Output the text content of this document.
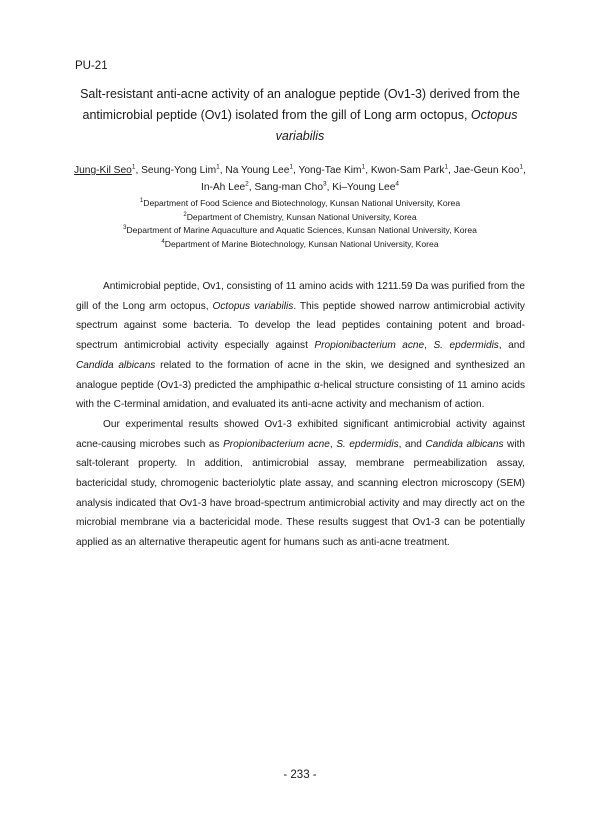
PU-21
Salt-resistant anti-acne activity of an analogue peptide (Ov1-3) derived from the
antimicrobial peptide (Ov1) isolated from the gill of Long arm octopus, Octopus variabilis
Jung-Kil Seo$^1$, Seung-Yong Lim$^1$, Na Young Lee$^1$, Yong-Tae Kim$^1$, Kwon-Sam Park$^1$, Jae-Geun Koo$^1$,
In-Ah Lee$^2$, Sang-man Cho$^3$, Ki–Young Lee$^4$
$^1$Department of Food Science and Biotechnology, Kunsan National University, Korea
$^2$Department of Chemistry, Kunsan National University, Korea
$^3$Department of Marine Aquaculture and Aquatic Sciences, Kunsan National University, Korea
$^4$Department of Marine Biotechnology, Kunsan National University, Korea

Antimicrobial peptide, Ov1, consisting of 11 amino acids with 1211.59 Da was purified from the gill of the Long arm octopus, Octopus variabilis. This peptide showed narrow antimicrobial activity spectrum against some bacteria. To develop the lead peptides containing potent and broad-spectrum antimicrobial activity especially against Propionibacterium acne, S. epdermidis, and Candida albicans related to the formation of acne in the skin, we designed and synthesized an analogue peptide (Ov1-3) predicted the amphipathic α-helical structure consisting of 11 amino acids with the C-terminal amidation, and evaluated its anti-acne activity and mechanism of action.

Our experimental results showed Ov1-3 exhibited significant antimicrobial activity against acne-causing microbes such as Propionibacterium acne, S. epdermidis, and Candida albicans with salt-tolerant property. In addition, antimicrobial assay, membrane permeabilization assay, bactericidal study, chromogenic bacteriolytic plate assay, and scanning electron microscopy (SEM) analysis indicated that Ov1-3 have broad-spectrum antimicrobial activity and may directly act on the microbial membrane via a bactericidal mode. These results suggest that Ov1-3 can be potentially applied as an alternative therapeutic agent for humans such as anti-acne treatment.

- 233 -
